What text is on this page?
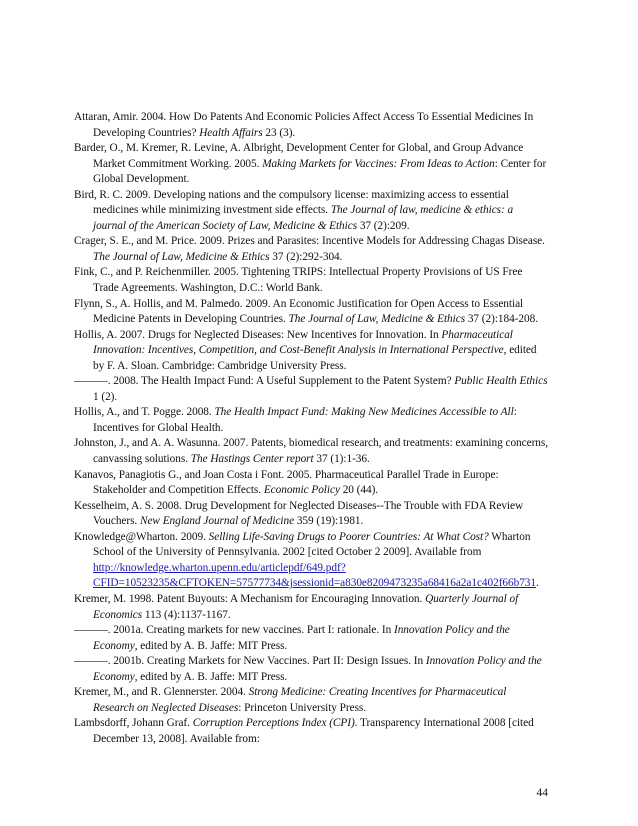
Attaran, Amir. 2004. How Do Patents And Economic Policies Affect Access To Essential Medicines In Developing Countries? Health Affairs 23 (3).

Barder, O., M. Kremer, R. Levine, A. Albright, Development Center for Global, and Group Advance Market Commitment Working. 2005. Making Markets for Vaccines: From Ideas to Action: Center for Global Development.

Bird, R. C. 2009. Developing nations and the compulsory license: maximizing access to essential medicines while minimizing investment side effects. The Journal of law, medicine & ethics: a journal of the American Society of Law, Medicine & Ethics 37 (2):209.

Crager, S. E., and M. Price. 2009. Prizes and Parasites: Incentive Models for Addressing Chagas Disease. The Journal of Law, Medicine & Ethics 37 (2):292-304.

Fink, C., and P. Reichenmiller. 2005. Tightening TRIPS: Intellectual Property Provisions of US Free Trade Agreements. Washington, D.C.: World Bank.

Flynn, S., A. Hollis, and M. Palmedo. 2009. An Economic Justification for Open Access to Essential Medicine Patents in Developing Countries. The Journal of Law, Medicine & Ethics 37 (2):184-208.

Hollis, A. 2007. Drugs for Neglected Diseases: New Incentives for Innovation. In Pharmaceutical Innovation: Incentives, Competition, and Cost-Benefit Analysis in International Perspective, edited by F. A. Sloan. Cambridge: Cambridge University Press.

———. 2008. The Health Impact Fund: A Useful Supplement to the Patent System? Public Health Ethics 1 (2).

Hollis, A., and T. Pogge. 2008. The Health Impact Fund: Making New Medicines Accessible to All: Incentives for Global Health.

Johnston, J., and A. A. Wasunna. 2007. Patents, biomedical research, and treatments: examining concerns, canvassing solutions. The Hastings Center report 37 (1):1-36.

Kanavos, Panagiotis G., and Joan Costa i Font. 2005. Pharmaceutical Parallel Trade in Europe: Stakeholder and Competition Effects. Economic Policy 20 (44).

Kesselheim, A. S. 2008. Drug Development for Neglected Diseases--The Trouble with FDA Review Vouchers. New England Journal of Medicine 359 (19):1981.

Knowledge@Wharton. 2009. Selling Life-Saving Drugs to Poorer Countries: At What Cost? Wharton School of the University of Pennsylvania. 2002 [cited October 2 2009]. Available from http://knowledge.wharton.upenn.edu/articlepdf/649.pdf?CFID=10523235&CFTOKEN=57577734&jsessionid=a830e8209473235a68416a2a1c402f66b731.

Kremer, M. 1998. Patent Buyouts: A Mechanism for Encouraging Innovation. Quarterly Journal of Economics 113 (4):1137-1167.

———. 2001a. Creating markets for new vaccines. Part I: rationale. In Innovation Policy and the Economy, edited by A. B. Jaffe: MIT Press.

———. 2001b. Creating Markets for New Vaccines. Part II: Design Issues. In Innovation Policy and the Economy, edited by A. B. Jaffe: MIT Press.

Kremer, M., and R. Glennerster. 2004. Strong Medicine: Creating Incentives for Pharmaceutical Research on Neglected Diseases: Princeton University Press.

Lambsdorff, Johann Graf. Corruption Perceptions Index (CPI). Transparency International 2008 [cited December 13, 2008]. Available from:

44
